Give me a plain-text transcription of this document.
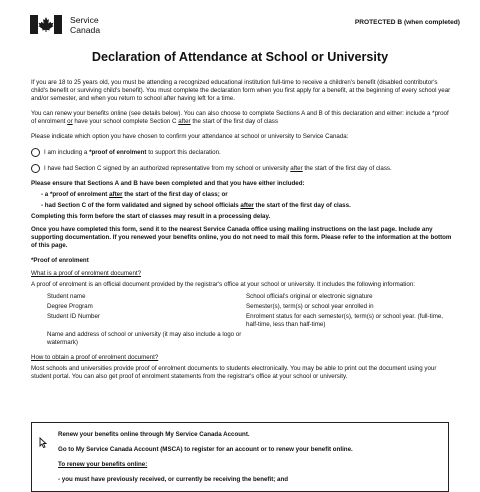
Service
Canada
PROTECTED B (when completed)
Declaration of Attendance at School or University

If you are 18 to 25 years old, you must be attending a recognized educational institution full-time to receive a children's benefit (disabled contributor's child's benefit or surviving child's benefit). You must complete the declaration form when you first apply for a benefit, at the beginning of every school year and/or semester, and when you return to school after having left for a time.

You can renew your benefits online (see details below). You can also choose to complete Sections A and B of this declaration and either: include a *proof of enrolment or have your school complete Section C after the start of the first day of class

Please indicate which option you have chosen to confirm your attendance at school or university to Service Canada:

I am including a *proof of enrolment to support this declaration.
I have had Section C signed by an authorized representative from my school or university after the start of the first day of class.

Please ensure that Sections A and B have been completed and that you have either included:

- a *proof of enrolment after the start of the first day of class; or

- had Section C of the form validated and signed by school officials after the start of the first day of class.

Completing this form before the start of classes may result in a processing delay.

Once you have completed this form, send it to the nearest Service Canada office using mailing instructions on the last page. Include any supporting documentation. If you renewed your benefits online, you do not need to mail this form. Please refer to the information at the bottom of this page.

*Proof of enrolment
What is a proof of enrolment document?

A proof of enrolment is an official document provided by the registrar's office at your school or university. It includes the following information:

Student name	School official's original or electronic signature
Degree Program	Semester(s), term(s) or school year enrolled in
Student ID Number	Enrolment status for each semester(s), term(s) or school year. (full-time, half-time, less than half-time)
Name and address of school or university (it may also include a logo or watermark)
How to obtain a proof of enrolment document?

Most schools and universities provide proof of enrolment documents to students electronically. You may be able to print out the document using your student portal. You can also get proof of enrolment statements from the registrar's office at your school or university.

Renew your benefits online through My Service Canada Account.

Go to My Service Canada Account (MSCA) to register for an account or to renew your benefit online.

To renew your benefits online:

- you must have previously received, or currently be receiving the benefit; and
